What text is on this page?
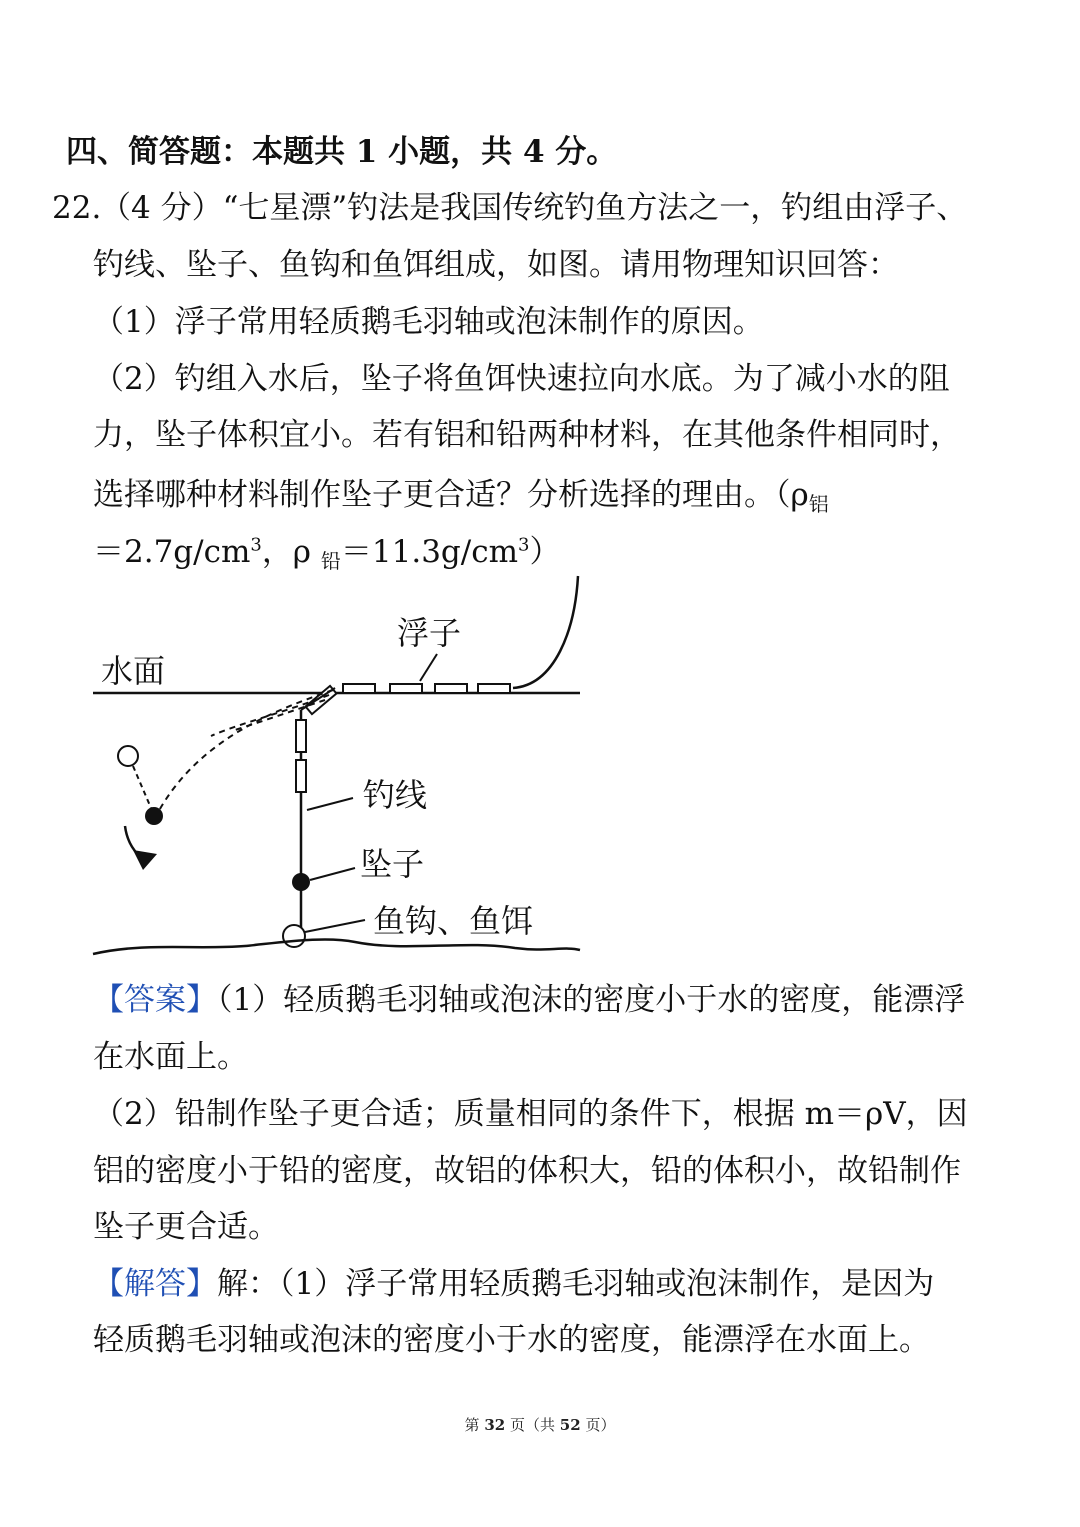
四、简答题：本题共 1 小题，共 4 分。
22.
（4 分）“七星漂”钓法是我国传统钓鱼方法之一，钓组由浮子、
钓线、坠子、鱼钩和鱼饵组成，如图。请用物理知识回答：
（1）浮子常用轻质鹅毛羽轴或泡沫制作的原因。
（2）钓组入水后，坠子将鱼饵快速拉向水底。为了减小水的阻
力，坠子体积宜小。若有铝和铅两种材料，在其他条件相同时，
选择哪种材料制作坠子更合适？分析选择的理由。（$\rho_铝$
$=2.7g/cm^3$，ρ $_铅=11.3g/cm^3$）
浮子
水面
钓线
坠子
鱼钩、鱼饵
【答案】（1）轻质鹅毛羽轴或泡沫的密度小于水的密度，能漂浮
在水面上。
（2）铅制作坠子更合适；质量相同的条件下，根据 m＝ρV，因
铝的密度小于铅的密度，故铝的体积大，铅的体积小，故铅制作
坠子更合适。
【解答】解：（1）浮子常用轻质鹅毛羽轴或泡沫制作，是因为
轻质鹅毛羽轴或泡沫的密度小于水的密度，能漂浮在水面上。
第 32 页（共 52 页）
